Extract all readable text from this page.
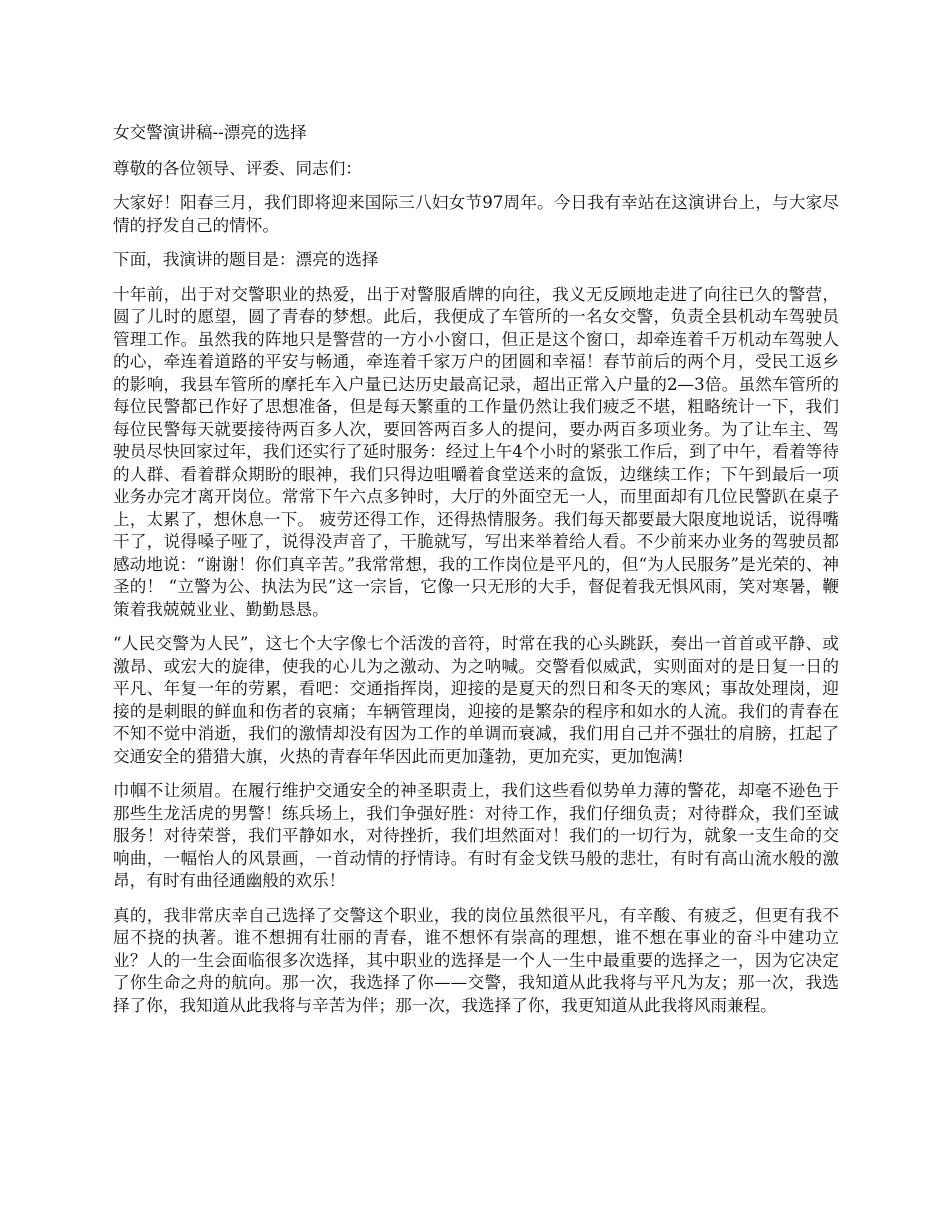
女交警演讲稿--漂亮的选择

尊敬的各位领导、评委、同志们：

大家好！阳春三月，我们即将迎来国际三八妇女节97周年。今日我有幸站在这演讲台上，与大家尽情的抒发自己的情怀。

下面，我演讲的题目是：漂亮的选择

十年前，出于对交警职业的热爱，出于对警服盾牌的向往，我义无反顾地走进了向往已久的警营，圆了儿时的愿望，圆了青春的梦想。此后，我便成了车管所的一名女交警，负责全县机动车驾驶员管理工作。虽然我的阵地只是警营的一方小小窗口，但正是这个窗口，却牵连着千万机动车驾驶人的心，牵连着道路的平安与畅通，牵连着千家万户的团圆和幸福！春节前后的两个月，受民工返乡的影响，我县车管所的摩托车入户量已达历史最高记录，超出正常入户量的2—3倍。虽然车管所的每位民警都已作好了思想准备，但是每天繁重的工作量仍然让我们疲乏不堪，粗略统计一下，我们每位民警每天就要接待两百多人次，要回答两百多人的提问，要办两百多项业务。为了让车主、驾驶员尽快回家过年，我们还实行了延时服务：经过上午4个小时的紧张工作后，到了中午，看着等待的人群、看着群众期盼的眼神，我们只得边咀嚼着食堂送来的盒饭，边继续工作；下午到最后一项业务办完才离开岗位。常常下午六点多钟时，大厅的外面空无一人，而里面却有几位民警趴在桌子上，太累了，想休息一下。 疲劳还得工作，还得热情服务。我们每天都要最大限度地说话，说得嘴干了，说得嗓子哑了，说得没声音了，干脆就写，写出来举着给人看。不少前来办业务的驾驶员都感动地说：“谢谢！你们真辛苦。”我常常想，我的工作岗位是平凡的，但“为人民服务”是光荣的、神圣的！ “立警为公、执法为民”这一宗旨，它像一只无形的大手，督促着我无惧风雨，笑对寒暑，鞭策着我兢兢业业、勤勤恳恳。

“人民交警为人民”，这七个大字像七个活泼的音符，时常在我的心头跳跃，奏出一首首或平静、或激昂、或宏大的旋律，使我的心儿为之激动、为之呐喊。交警看似威武，实则面对的是日复一日的平凡、年复一年的劳累，看吧：交通指挥岗，迎接的是夏天的烈日和冬天的寒风；事故处理岗，迎接的是刺眼的鲜血和伤者的哀痛；车辆管理岗，迎接的是繁杂的程序和如水的人流。我们的青春在不知不觉中消逝，我们的激情却没有因为工作的单调而衰减，我们用自己并不强壮的肩膀，扛起了交通安全的猎猎大旗，火热的青春年华因此而更加蓬勃，更加充实，更加饱满!

巾帼不让须眉。在履行维护交通安全的神圣职责上，我们这些看似势单力薄的警花，却毫不逊色于那些生龙活虎的男警！练兵场上，我们争强好胜：对待工作，我们仔细负责；对待群众，我们至诚服务！对待荣誉，我们平静如水，对待挫折，我们坦然面对！我们的一切行为，就象一支生命的交响曲，一幅怡人的风景画，一首动情的抒情诗。有时有金戈铁马般的悲壮，有时有高山流水般的激昂，有时有曲径通幽般的欢乐！

真的，我非常庆幸自己选择了交警这个职业，我的岗位虽然很平凡，有辛酸、有疲乏，但更有我不屈不挠的执著。谁不想拥有壮丽的青春，谁不想怀有崇高的理想，谁不想在事业的奋斗中建功立业？人的一生会面临很多次选择，其中职业的选择是一个人一生中最重要的选择之一，因为它决定了你生命之舟的航向。那一次，我选择了你——交警，我知道从此我将与平凡为友；那一次，我选择了你，我知道从此我将与辛苦为伴；那一次，我选择了你，我更知道从此我将风雨兼程。
